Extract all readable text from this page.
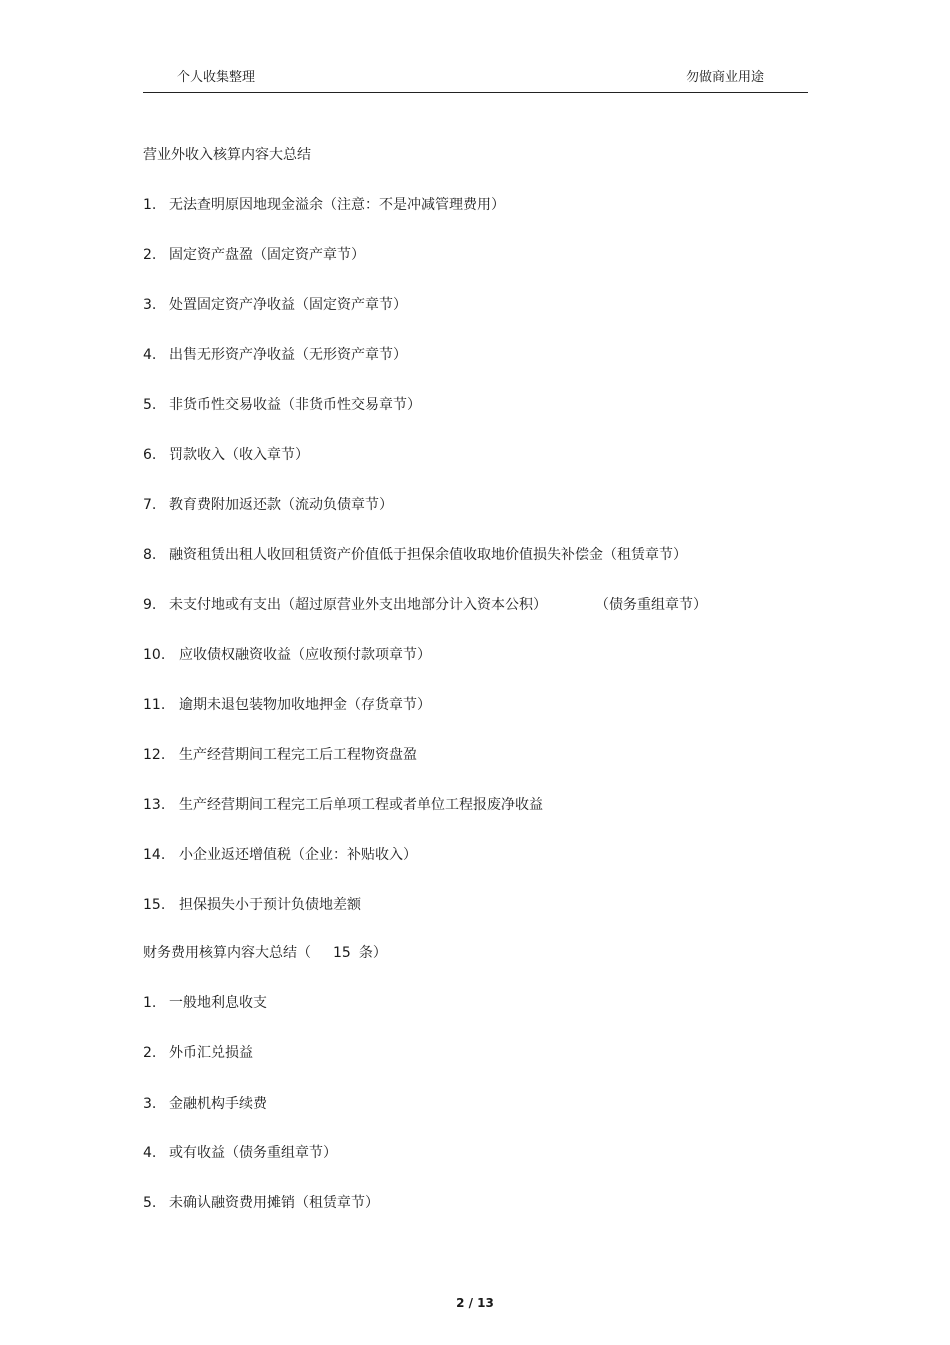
个人收集整理	勿做商业用途
营业外收入核算内容大总结
1. 无法查明原因地现金溢余（注意：不是冲减管理费用）
2. 固定资产盘盈（固定资产章节）
3. 处置固定资产净收益（固定资产章节）
4. 出售无形资产净收益（无形资产章节）
5. 非货币性交易收益（非货币性交易章节）
6. 罚款收入（收入章节）
7. 教育费附加返还款（流动负债章节）
8. 融资租赁出租人收回租赁资产价值低于担保余值收取地价值损失补偿金（租赁章节）
9. 未支付地或有支出（超过原营业外支出地部分计入资本公积）	（债务重组章节）
10. 应收债权融资收益（应收预付款项章节）
11. 逾期未退包装物加收地押金（存货章节）
12. 生产经营期间工程完工后工程物资盘盈
13. 生产经营期间工程完工后单项工程或者单位工程报废净收益
14. 小企业返还增值税（企业：补贴收入）
15. 担保损失小于预计负债地差额
财务费用核算内容大总结（ 15 条）
1. 一般地利息收支
2. 外币汇兑损益
3. 金融机构手续费
4. 或有收益（债务重组章节）
5. 未确认融资费用摊销（租赁章节）
2 / 13
